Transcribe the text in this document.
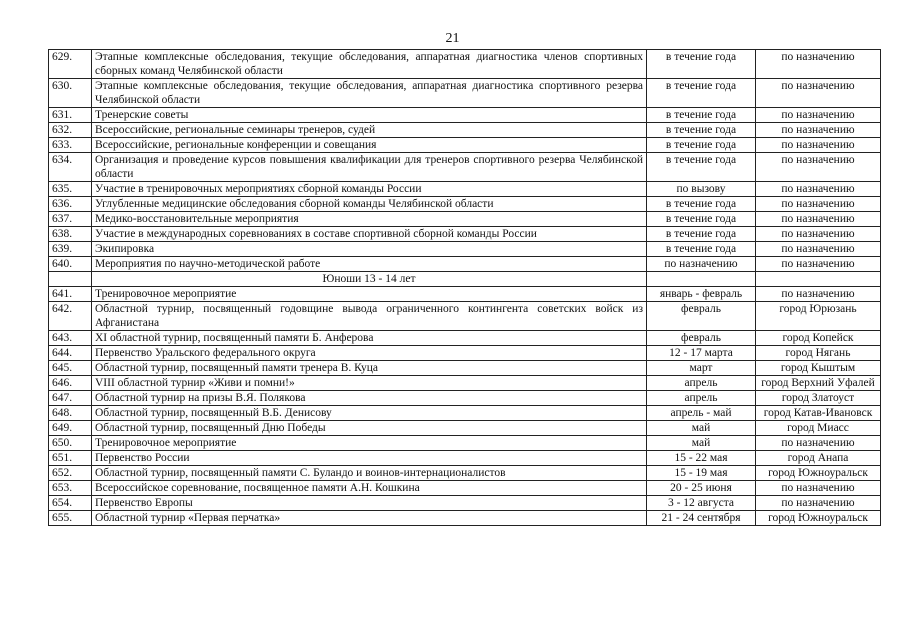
21
629.	Этапные комплексные обследования, текущие обследования, аппаратная диагностика членов спортивных сборных команд Челябинской области	в течение года	по назначению
630.	Этапные комплексные обследования, текущие обследования, аппаратная диагностика спортивного резерва Челябинской области	в течение года	по назначению
631.	Тренерские советы	в течение года	по назначению
632.	Всероссийские, региональные семинары тренеров, судей	в течение года	по назначению
633.	Всероссийские, региональные конференции и совещания	в течение года	по назначению
634.	Организация и проведение курсов повышения квалификации для тренеров спортивного резерва Челябинской области	в течение года	по назначению
635.	Участие в тренировочных мероприятиях сборной команды России	по вызову	по назначению
636.	Углубленные медицинские обследования сборной команды Челябинской области	в течение года	по назначению
637.	Медико-восстановительные мероприятия	в течение года	по назначению
638.	Участие в международных соревнованиях в составе спортивной сборной команды России	в течение года	по назначению
639.	Экипировка	в течение года	по назначению
640.	Мероприятия по научно-методической работе	по назначению	по назначению
	Юноши 13 - 14 лет		
641.	Тренировочное мероприятие	январь - февраль	по назначению
642.	Областной турнир, посвященный годовщине вывода ограниченного контингента советских войск из Афганистана	февраль	город Юрюзань
643.	XI областной турнир, посвященный памяти Б. Анферова	февраль	город Копейск
644.	Первенство Уральского федерального округа	12 - 17 марта	город Нягань
645.	Областной турнир, посвященный памяти тренера В. Куца	март	город Кыштым
646.	VIII областной турнир «Живи и помни!»	апрель	город Верхний Уфалей
647.	Областной турнир на призы В.Я. Полякова	апрель	город Златоуст
648.	Областной турнир, посвященный В.Б. Денисову	апрель - май	город Катав-Ивановск
649.	Областной турнир, посвященный Дню Победы	май	город Миасс
650.	Тренировочное мероприятие	май	по назначению
651.	Первенство России	15 - 22 мая	город Анапа
652.	Областной турнир, посвященный памяти С. Буландо и воинов-интернационалистов	15 - 19 мая	город Южноуральск
653.	Всероссийское соревнование, посвященное памяти А.Н. Кошкина	20 - 25 июня	по назначению
654.	Первенство Европы	3 - 12 августа	по назначению
655.	Областной турнир «Первая перчатка»	21 - 24 сентября	город Южноуральск
